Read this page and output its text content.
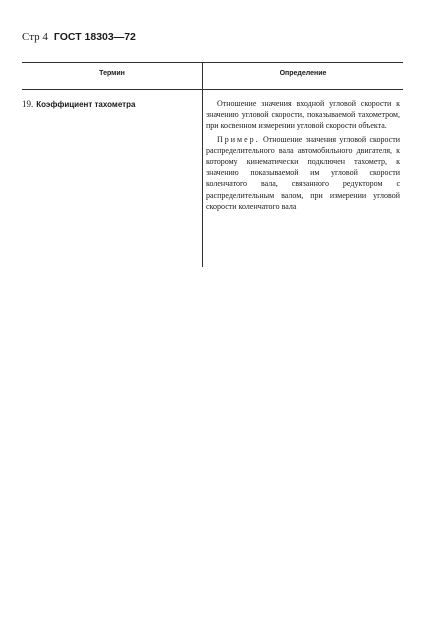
Стр 4 ГОСТ 18303—72
Термин	Определение
19. Коэффициент тахометра	Отношение значения входной угловой скорости к значению угловой скорости, показываемой тахометром, при косвенном измерении угловой скорости объекта.

Пример. Отношение значения угловой скорости распределительного вала автомобильного двигателя, к которому кинематически подключен тахометр, к значению показываемой им угловой скорости коленчатого вала, связанного редуктором с распределительным валом, при измерении угловой скорости коленчатого вала
